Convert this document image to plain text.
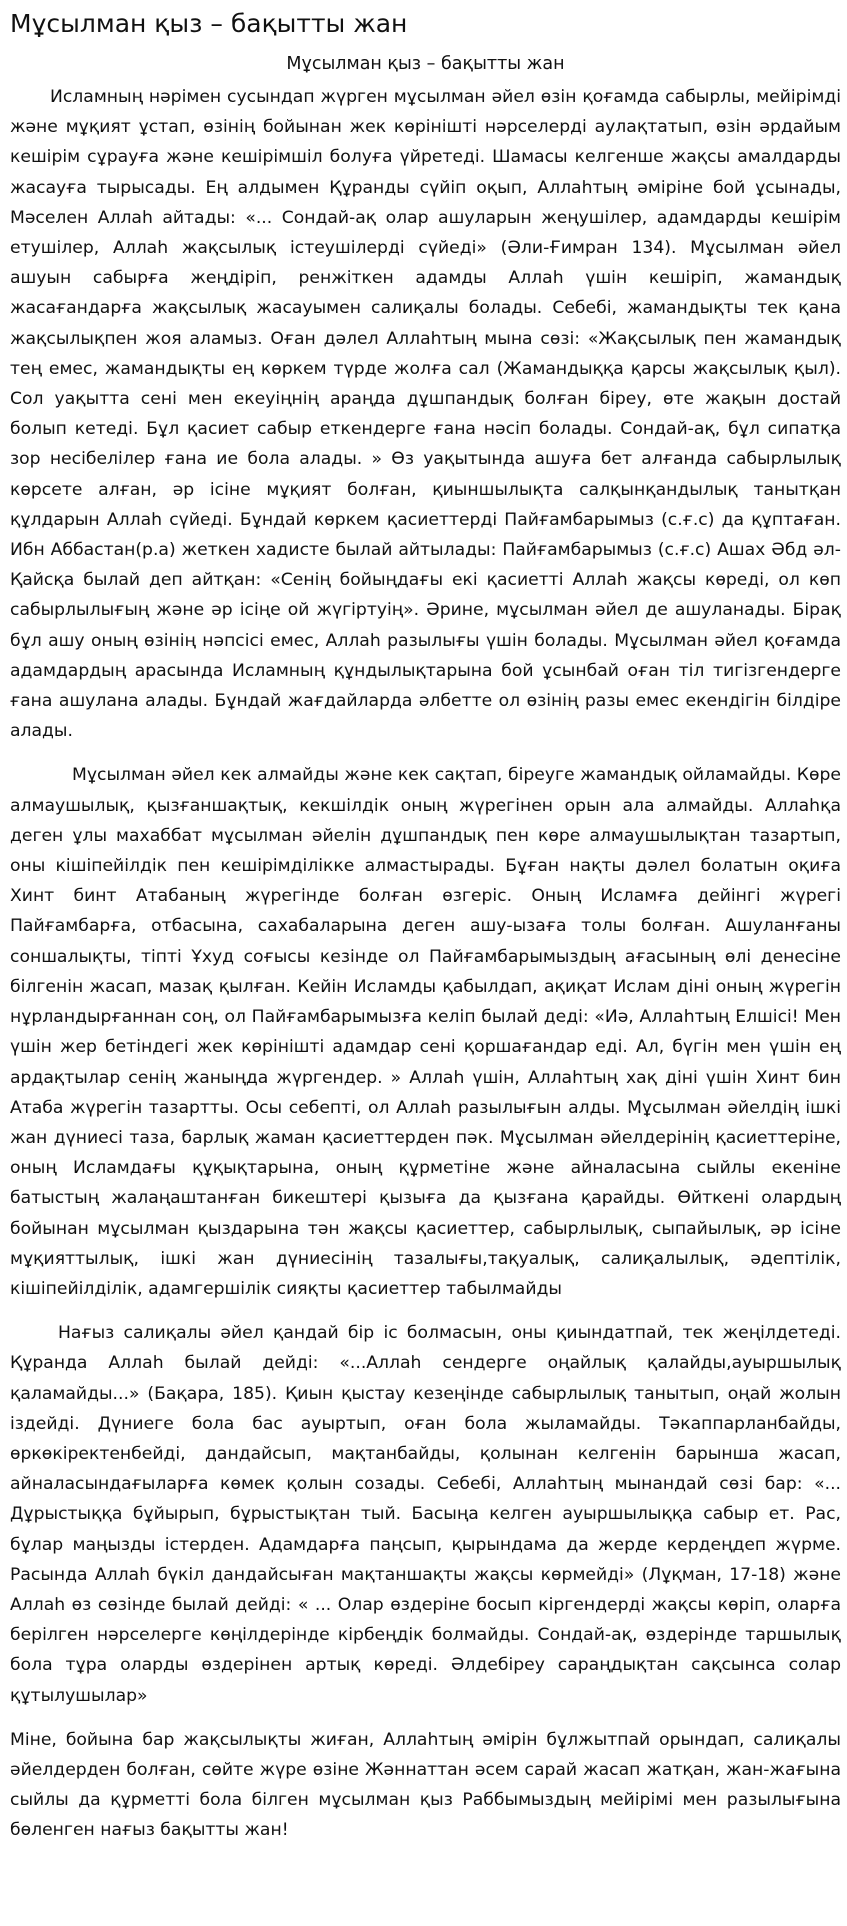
Мұсылман қыз – бақытты жан
Мұсылман қыз – бақытты жан

Исламның нәрімен сусындап жүрген мұсылман әйел өзін қоғамда сабырлы, мейірімді және мұқият ұстап, өзінің бойынан жек көрінішті нәрселерді аулақтатып, өзін әрдайым кешірім сұрауға және кешірімшіл болуға үйретеді. Шамасы келгенше жақсы амалдарды жасауға тырысады. Ең алдымен Құранды сүйіп оқып, Аллаһтың әміріне бой ұсынады, Мәселен Аллаһ айтады: «... Сондай-ақ олар ашуларын жеңушілер, адамдарды кешірім етушілер, Аллаһ жақсылық істеушілерді сүйеді» (Әли-Ғимран 134). Мұсылман әйел ашуын сабырға жеңдіріп, ренжіткен адамды Аллаһ үшін кешіріп, жамандық жасағандарға жақсылық жасауымен салиқалы болады. Себебі, жамандықты тек қана жақсылықпен жоя аламыз. Оған дәлел Аллаһтың мына сөзі: «Жақсылық пен жамандық тең емес, жамандықты ең көркем түрде жолға сал (Жамандыққа қарсы жақсылық қыл). Сол уақытта сені мен екеуіңнің араңда дұшпандық болған біреу, өте жақын достай болып кетеді. Бұл қасиет сабыр еткендерге ғана нәсіп болады. Сондай-ақ, бұл сипатқа зор несібелілер ғана ие бола алады. » Өз уақытында ашуға бет алғанда сабырлылық көрсете алған, әр ісіне мұқият болған, қиыншылықта салқынқандылық танытқан құлдарын Аллаһ сүйеді. Бұндай көркем қасиеттерді Пайғамбарымыз (с.ғ.с) да құптаған. Ибн Аббастан(р.а) жеткен хадисте былай айтылады: Пайғамбарымыз (с.ғ.с) Ашах Әбд әл-Қайсқа былай деп айтқан: «Сенің бойыңдағы екі қасиетті Аллаһ жақсы көреді, ол көп сабырлылығың және әр ісіңе ой жүгіртуің». Әрине, мұсылман әйел де ашуланады. Бірақ бұл ашу оның өзінің нәпсісі емес, Аллаһ разылығы үшін болады. Мұсылман әйел қоғамда адамдардың арасында Исламның құндылықтарына бой ұсынбай оған тіл тигізгендерге ғана ашулана алады. Бұндай жағдайларда әлбетте ол өзінің разы емес екендігін білдіре алады.

Мұсылман әйел кек алмайды және кек сақтап, біреуге жамандық ойламайды. Көре алмаушылық, қызғаншақтық, кекшілдік оның жүрегінен орын ала алмайды. Аллаһқа деген ұлы махаббат мұсылман әйелін дұшпандық пен көре алмаушылықтан тазартып, оны кішіпейілдік пен кешірімділікке алмастырады. Бұған нақты дәлел болатын оқиға Хинт бинт Атабаның жүрегінде болған өзгеріс. Оның Исламға дейінгі жүрегі Пайғамбарға, отбасына, сахабаларына деген ашу-ызаға толы болған. Ашуланғаны соншалықты, тіпті Ұхуд соғысы кезінде ол Пайғамбарымыздың ағасының өлі денесіне білгенін жасап, мазақ қылған. Кейін Исламды қабылдап, ақиқат Ислам діні оның жүрегін нұрландырғаннан соң, ол Пайғамбарымызға келіп былай деді: «Иә, Аллаһтың Елшісі! Мен үшін жер бетіндегі жек көрінішті адамдар сені қоршағандар еді. Ал, бүгін мен үшін ең ардақтылар сенің жаныңда жүргендер. » Аллаһ үшін, Аллаһтың хақ діні үшін Хинт бин Атаба жүрегін тазартты. Осы себепті, ол Аллаһ разылығын алды. Мұсылман әйелдің ішкі жан дүниесі таза, барлық жаман қасиеттерден пәк. Мұсылман әйелдерінің қасиеттеріне, оның Исламдағы құқықтарына, оның құрметіне және айналасына сыйлы екеніне батыстың жалаңаштанған бикештері қызыға да қызғана қарайды. Өйткені олардың бойынан мұсылман қыздарына тән жақсы қасиеттер, сабырлылық, сыпайылық, әр ісіне мұқияттылық, ішкі жан дүниесінің тазалығы,тақуалық, салиқалылық, әдептілік, кішіпейілділік, адамгершілік сияқты қасиеттер табылмайды

Нағыз салиқалы әйел қандай бір іс болмасын, оны қиындатпай, тек жеңілдетеді. Құранда Аллаһ былай дейді: «...Аллаһ сендерге оңайлық қалайды,ауыршылық қаламайды...» (Бақара, 185). Қиын қыстау кезеңінде сабырлылық танытып, оңай жолын іздейді. Дүниеге бола бас ауыртып, оған бола жыламайды. Тәкаппарланбайды, өркөкіректенбейді, дандайсып, мақтанбайды, қолынан келгенін барынша жасап, айналасындағыларға көмек қолын созады. Себебі, Аллаһтың мынандай сөзі бар: «... Дұрыстыққа бұйырып, бұрыстықтан тый. Басыңа келген ауыршылыққа сабыр ет. Рас, бұлар маңызды істерден. Адамдарға паңсып, қырындама да жерде кердеңдеп жүрме. Расында Аллаһ бүкіл дандайсыған мақтаншақты жақсы көрмейді» (Лұқман, 17-18) және Аллаһ өз сөзінде былай дейді: « ... Олар өздеріне босып кіргендерді жақсы көріп, оларға берілген нәрселерге көңілдерінде кірбеңдік болмайды. Сондай-ақ, өздерінде таршылық бола тұра оларды өздерінен артық көреді. Әлдебіреу сараңдықтан сақсынса солар құтылушылар»

Міне, бойына бар жақсылықты жиған, Аллаһтың әмірін бұлжытпай орындап, салиқалы әйелдерден болған, сөйте жүре өзіне Жәннаттан әсем сарай жасап жатқан, жан-жағына сыйлы да құрметті бола білген мұсылман қыз Раббымыздың мейірімі мен разылығына бөленген нағыз бақытты жан!
